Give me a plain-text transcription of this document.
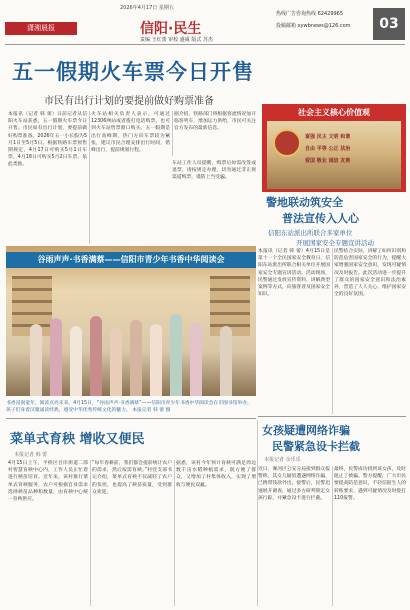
潇湘晨报
2026年4月17日 星期五
信阳·民生
责编 王红蕾 审校 盛威 版式 苏杰
热线广告咨询热线 62429965
投稿邮箱 xywbnews@126.com	03
五一假期火车票今日开售
市民有出行计划的要提前做好购票准备
本报讯（记者 韩 蕾）日前记者从信阳火车站获悉，五一假期火车票今日开售。市民如有出行计划，要提前做好购票准备。2026年五一小长假为5月1日至5月5日。根据铁路车票预售期规定，4月17日可购买5月1日车票，4月18日可购买5月2日车票，依此类推。
火车站相关负责人表示，可通过12306网站或者拨打电话购票，也可到火车站售票窗口购买。五一假期是出行高峰期，热门方向车票较为紧张，建议市民合理安排出行时间，错峰出行，提前规划行程。
据介绍，铁路部门将根据客流情况加开临客列车，增加运力供给，市民可关注官方发布的最新信息。
车站工作人员提醒，购票后如需改签或退票，请按规定办理，切勿通过非正规渠道购票，谨防上当受骗。
社会主义核心价值观
富强 民主 文明 和谐
自由 平等 公正 法治
爱国 敬业 诚信 友善
警地联动筑安全
普法宣传入人心
信阳东站派出所联合多家单位
开展国家安全专题宣讲活动
本报讯（记者 韩 蕾）4月15日是第十一个全民国家安全教育日，信阳东站派出所联合相关单位开展国家安全专题宣讲活动。活动现场，民警通过发放宣传资料、讲解典型案例等方式，向旅客普及国家安全知识。
民警结合实际，讲解了如何识别和防范危害国家安全的行为，提醒大家增强国家安全意识，发现可疑情况及时报告。此次活动进一步提升了群众的国家安全意识和法治素养，营造了人人关心、维护国家安全的良好氛围。
谷雨声声·书香满蔡——信阳市青少年书香中华阅读会
书香浸润童年，阅读点亮未来。4月15日，“谷雨声声·书香满蔡”——信阳市青少年书香中华阅读会在市图书馆举办，孩子们身着汉服诵读经典，感受中华优秀传统文化的魅力。 本报记者 韩 蕾 摄
女孩疑遭网络诈骗
民警紧急设卡拦截
本报记者 余乐乐
近日，浉河区公安分局接到群众报警称，其女儿疑似遭遇网络诈骗，已携带钱款外出。接警后，民警迅速展开调查，通过多方研判锁定女孩行踪，并紧急设卡进行拦截。
最终，民警成功找到该女孩，及时阻止了被骗。警方提醒，广大市民要提高防范意识，不轻信陌生人的转账要求，遇到可疑情况及时拨打110报警。
菜单式育秧 增收又便民
本报记者 韩 蕾
4月15日上午，平桥区甘岸街道二郎村智慧育秧中心内，工作人员正忙着进行秧苗培育。近年来，该村推行菜单式育秧服务，农户可根据自身需求选择秧苗品种和数量，由育秧中心统一育秧供应。
“每年春耕前，我们都会提前统计农户的需求，然后按需育秧。”村党支部书记介绍，菜单式育秧不仅减轻了农户的负担，也提高了秧苗质量，受到群众欢迎。
据悉，该村今年预计育秧可满足周边数千亩水稻种植需求，既方便了群众，又增加了村集体收入，实现了增收与便民双赢。
